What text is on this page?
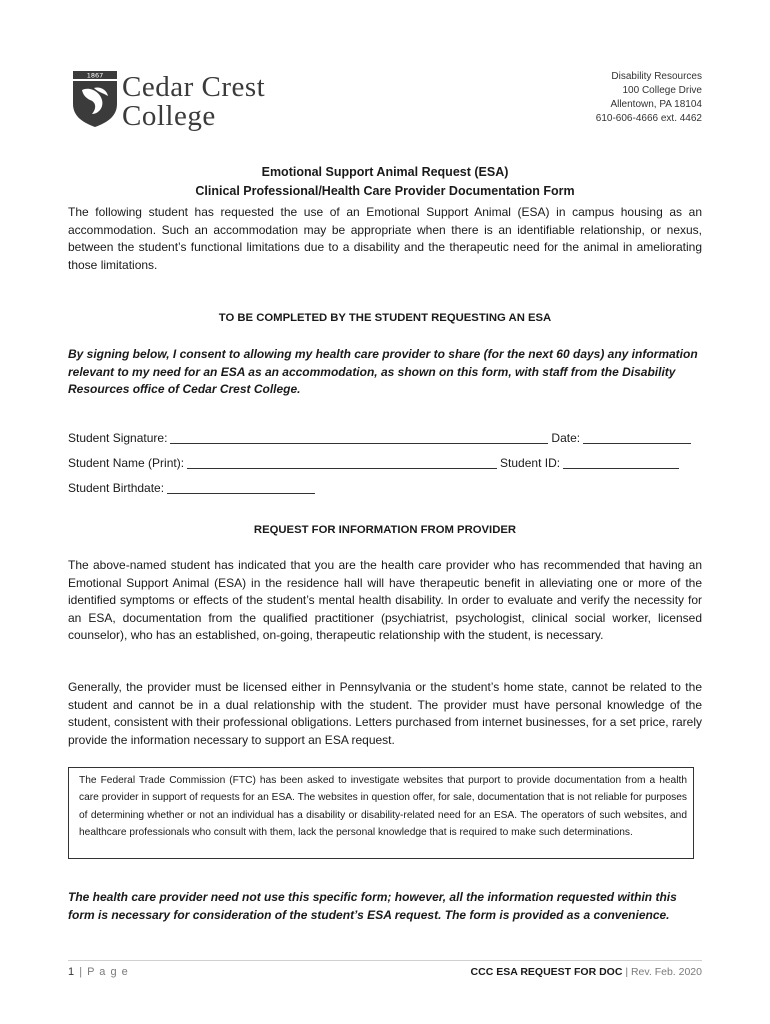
1867 Cedar Crest
College
Disability Resources
100 College Drive
Allentown, PA 18104
610-606-4666 ext. 4462
Emotional Support Animal Request (ESA)
Clinical Professional/Health Care Provider Documentation Form

The following student has requested the use of an Emotional Support Animal (ESA) in campus housing as an accommodation. Such an accommodation may be appropriate when there is an identifiable relationship, or nexus, between the student’s functional limitations due to a disability and the therapeutic need for the animal in ameliorating those limitations.

TO BE COMPLETED BY THE STUDENT REQUESTING AN ESA

By signing below, I consent to allowing my health care provider to share (for the next 60 days) any information relevant to my need for an ESA as an accommodation, as shown on this form, with staff from the Disability Resources office of Cedar Crest College.

Student Signature:	Date:
Student Name (Print):	Student ID:
Student Birthdate:
REQUEST FOR INFORMATION FROM PROVIDER

The above-named student has indicated that you are the health care provider who has recommended that having an Emotional Support Animal (ESA) in the residence hall will have therapeutic benefit in alleviating one or more of the identified symptoms or effects of the student’s mental health disability. In order to evaluate and verify the necessity for an ESA, documentation from the qualified practitioner (psychiatrist, psychologist, clinical social worker, licensed counselor), who has an established, on-going, therapeutic relationship with the student, is necessary.

Generally, the provider must be licensed either in Pennsylvania or the student’s home state, cannot be related to the student and cannot be in a dual relationship with the student. The provider must have personal knowledge of the student, consistent with their professional obligations. Letters purchased from internet businesses, for a set price, rarely provide the information necessary to support an ESA request.

The Federal Trade Commission (FTC) has been asked to investigate websites that purport to provide documentation from a health care provider in support of requests for an ESA. The websites in question offer, for sale, documentation that is not reliable for purposes of determining whether or not an individual has a disability or disability-related need for an ESA. The operators of such websites, and healthcare professionals who consult with them, lack the personal knowledge that is required to make such determinations.

The health care provider need not use this specific form; however, all the information requested within this form is necessary for consideration of the student’s ESA request. The form is provided as a convenience.

1 | P a g e	CCC ESA REQUEST FOR DOC | Rev. Feb. 2020
